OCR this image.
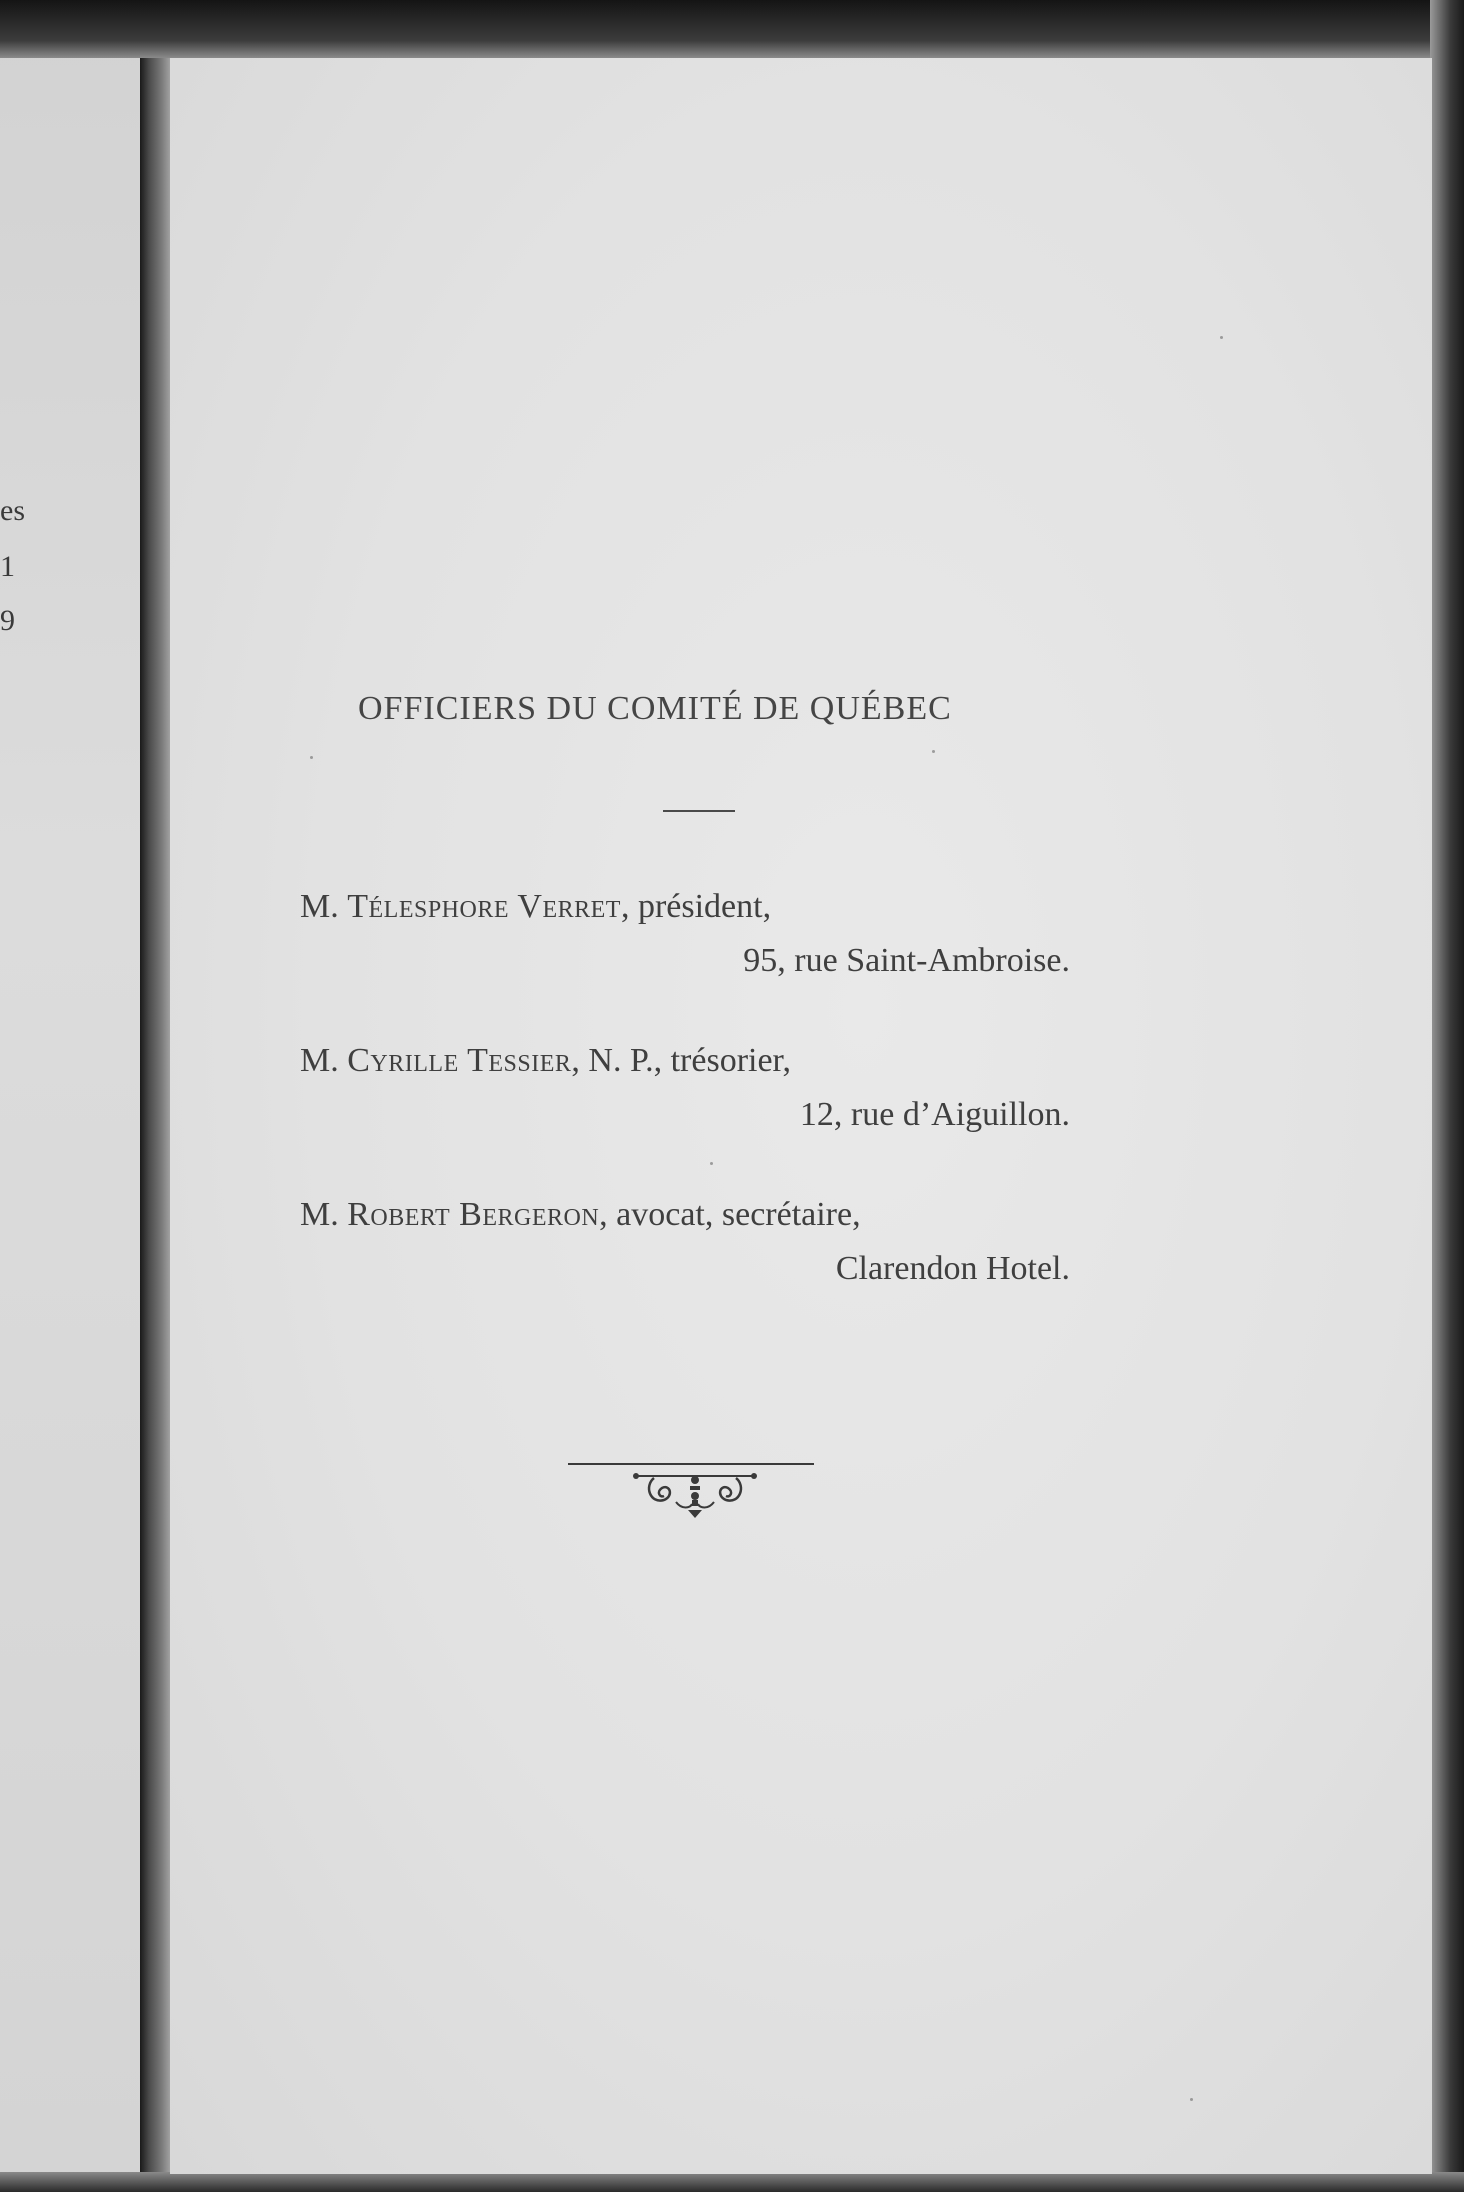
es
1
9
OFFICIERS DU COMITÉ DE QUÉBEC
M. Télesphore Verret, président,
95, rue Saint-Ambroise.
M. Cyrille Tessier, N. P., trésorier,
12, rue d’Aiguillon.
M. Robert Bergeron, avocat, secrétaire,
Clarendon Hotel.
